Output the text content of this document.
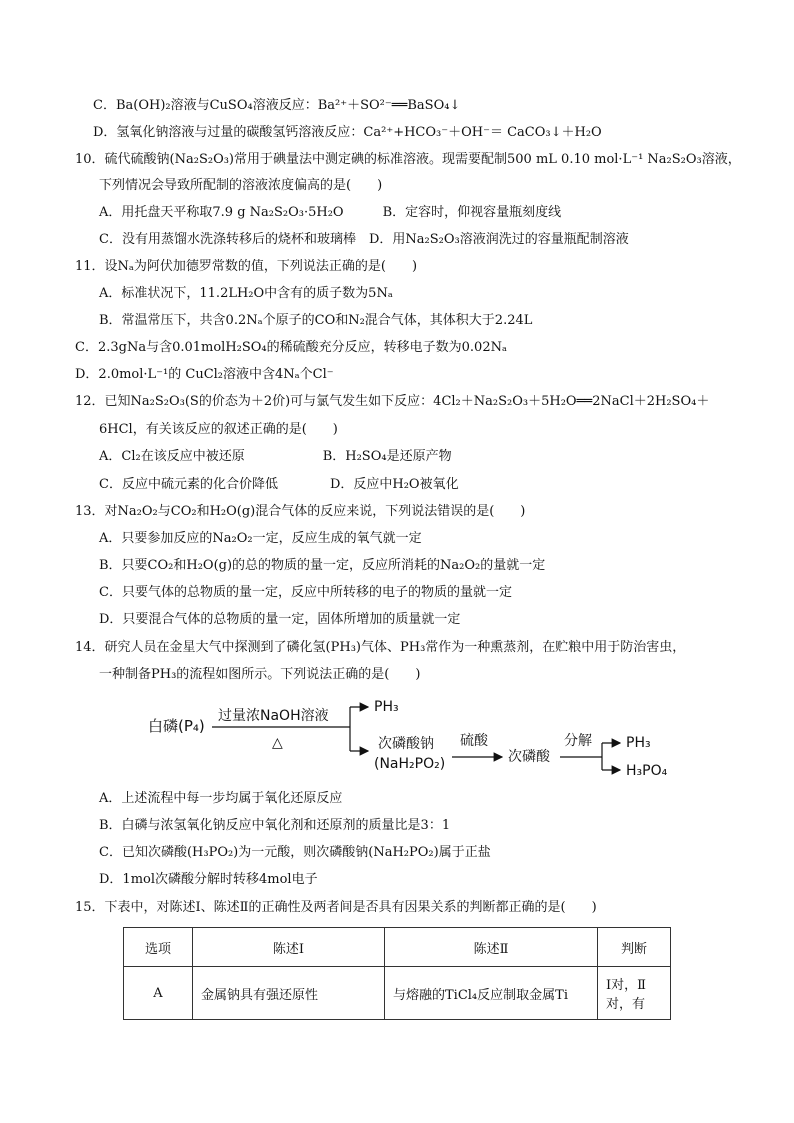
C．Ba(OH)₂溶液与CuSO₄溶液反应：Ba²⁺＋SO²⁻══BaSO₄↓
D．氢氧化钠溶液与过量的碳酸氢钙溶液反应：Ca²⁺+HCO₃⁻＋OH⁻＝ CaCO₃↓＋H₂O
10．硫代硫酸钠(Na₂S₂O₃)常用于碘量法中测定碘的标准溶液。现需要配制500 mL 0.10 mol·L⁻¹ Na₂S₂O₃溶液，
下列情况会导致所配制的溶液浓度偏高的是(　　)
A．用托盘天平称取7.9 g Na₂S₂O₃·5H₂O　　　B．定容时，仰视容量瓶刻度线
C．没有用蒸馏水洗涤转移后的烧杯和玻璃棒　D．用Na₂S₂O₃溶液润洗过的容量瓶配制溶液
11．设Nₐ为阿伏加德罗常数的值，下列说法正确的是(　　)
A．标准状况下，11.2LH₂O中含有的质子数为5Nₐ
B．常温常压下，共含0.2Nₐ个原子的CO和N₂混合气体，其体积大于2.24L
C．2.3gNa与含0.01molH₂SO₄的稀硫酸充分反应，转移电子数为0.02Nₐ
D．2.0mol·L⁻¹的 CuCl₂溶液中含4Nₐ个Cl⁻
12．已知Na₂S₂O₃(S的价态为＋2价)可与氯气发生如下反应：4Cl₂＋Na₂S₂O₃＋5H₂O══2NaCl＋2H₂SO₄＋
6HCl，有关该反应的叙述正确的是(　　)
A．Cl₂在该反应中被还原　　　　　　B．H₂SO₄是还原产物
C．反应中硫元素的化合价降低　　　　D．反应中H₂O被氧化
13．对Na₂O₂与CO₂和H₂O(g)混合气体的反应来说，下列说法错误的是(　　)
A．只要参加反应的Na₂O₂一定，反应生成的氧气就一定
B．只要CO₂和H₂O(g)的总的物质的量一定，反应所消耗的Na₂O₂的量就一定
C．只要气体的总物质的量一定，反应中所转移的电子的物质的量就一定
D．只要混合气体的总物质的量一定，固体所增加的质量就一定
14．研究人员在金星大气中探测到了磷化氢(PH₃)气体、PH₃常作为一种熏蒸剂，在贮粮中用于防治害虫，
一种制备PH₃的流程如图所示。下列说法正确的是(　　)
A．上述流程中每一步均属于氧化还原反应
B．白磷与浓氢氧化钠反应中氧化剂和还原剂的质量比是3：1
C．已知次磷酸(H₃PO₂)为一元酸，则次磷酸钠(NaH₂PO₂)属于正盐
D．1mol次磷酸分解时转移4mol电子
15．下表中，对陈述Ⅰ、陈述Ⅱ的正确性及两者间是否具有因果关系的判断都正确的是(　　)
白磷(P₄)
过量浓NaOH溶液
△
PH₃
次磷酸钠
(NaH₂PO₂)
硫酸
次磷酸
分解 PH₃
H₃PO₄
选项	陈述Ⅰ	陈述Ⅱ	判断
A	金属钠具有强还原性	与熔融的TiCl₄反应制取金属Ti	Ⅰ对，Ⅱ对，有
